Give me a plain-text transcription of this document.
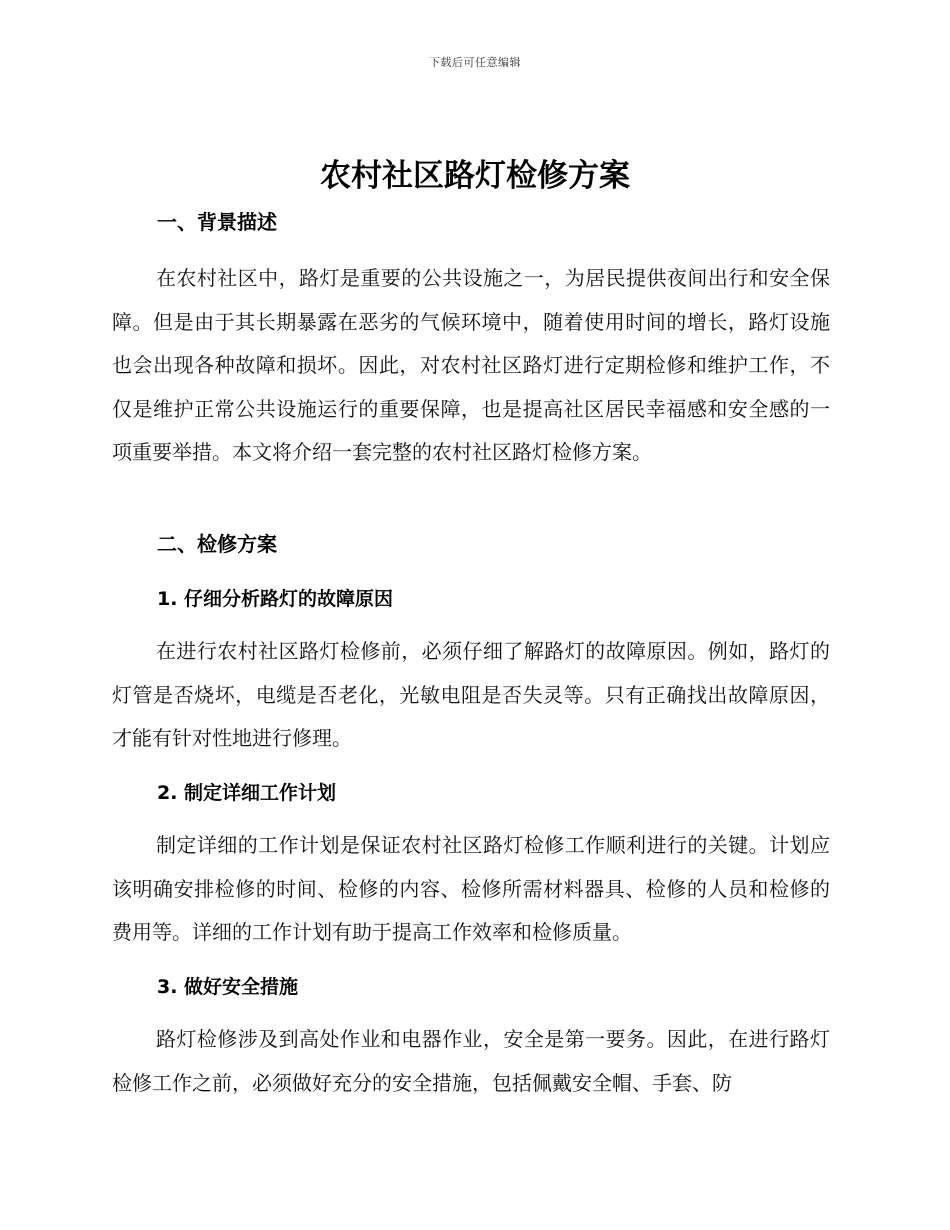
下载后可任意编辑
农村社区路灯检修方案
一、背景描述
在农村社区中，路灯是重要的公共设施之一，为居民提供夜间出行和安全保障。但是由于其长期暴露在恶劣的气候环境中，随着使用时间的增长，路灯设施也会出现各种故障和损坏。因此，对农村社区路灯进行定期检修和维护工作，不仅是维护正常公共设施运行的重要保障，也是提高社区居民幸福感和安全感的一项重要举措。本文将介绍一套完整的农村社区路灯检修方案。
二、检修方案
1. 仔细分析路灯的故障原因
在进行农村社区路灯检修前，必须仔细了解路灯的故障原因。例如，路灯的灯管是否烧坏，电缆是否老化，光敏电阻是否失灵等。只有正确找出故障原因，才能有针对性地进行修理。
2. 制定详细工作计划
制定详细的工作计划是保证农村社区路灯检修工作顺利进行的关键。计划应该明确安排检修的时间、检修的内容、检修所需材料器具、检修的人员和检修的费用等。详细的工作计划有助于提高工作效率和检修质量。
3. 做好安全措施
路灯检修涉及到高处作业和电器作业，安全是第一要务。因此，在进行路灯检修工作之前，必须做好充分的安全措施，包括佩戴安全帽、手套、防
